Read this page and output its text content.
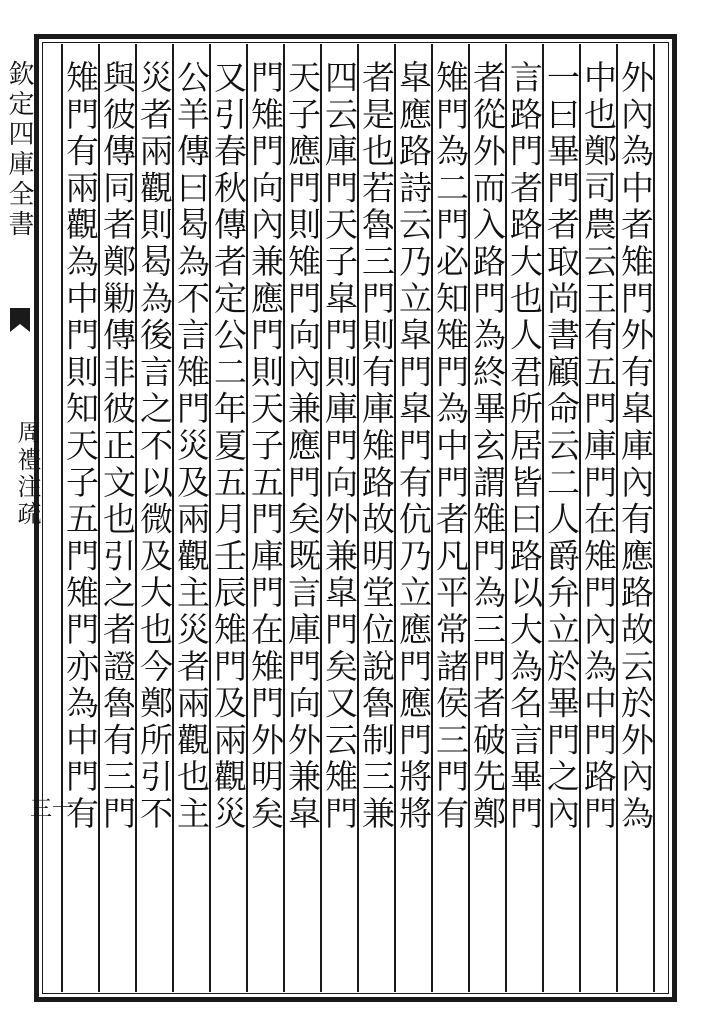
外內為中者雉門外有皐庫內有應路故云於外內為
中也鄭司農云王有五門庫門在雉門內為中門路門
一曰畢門者取尚書顧命云二人爵弁立於畢門之內
言路門者路大也人君所居皆曰路以大為名言畢門
者從外而入路門為終畢玄謂雉門為三門者破先鄭
雉門為二門必知雉門為中門者凡平常諸侯三門有
皐應路詩云乃立皐門皐門有伉乃立應門應門將將
者是也若魯三門則有庫雉路故明堂位說魯制三兼
四云庫門天子皐門則庫門向外兼皐門矣又云雉門
天子應門則雉門向內兼應門矣既言庫門向外兼皐
門雉門向內兼應門則天子五門庫門在雉門外明矣
又引春秋傳者定公二年夏五月壬辰雉門及兩觀災
公羊傳曰曷為不言雉門災及兩觀主災者兩觀也主
災者兩觀則曷為後言之不以微及大也今鄭所引不
與彼傳同者鄭勦傳非彼正文也引之者證魯有三門
雉門有兩觀為中門則知天子五門雉門亦為中門有
欽定四庫全書
周禮注疏
三一
